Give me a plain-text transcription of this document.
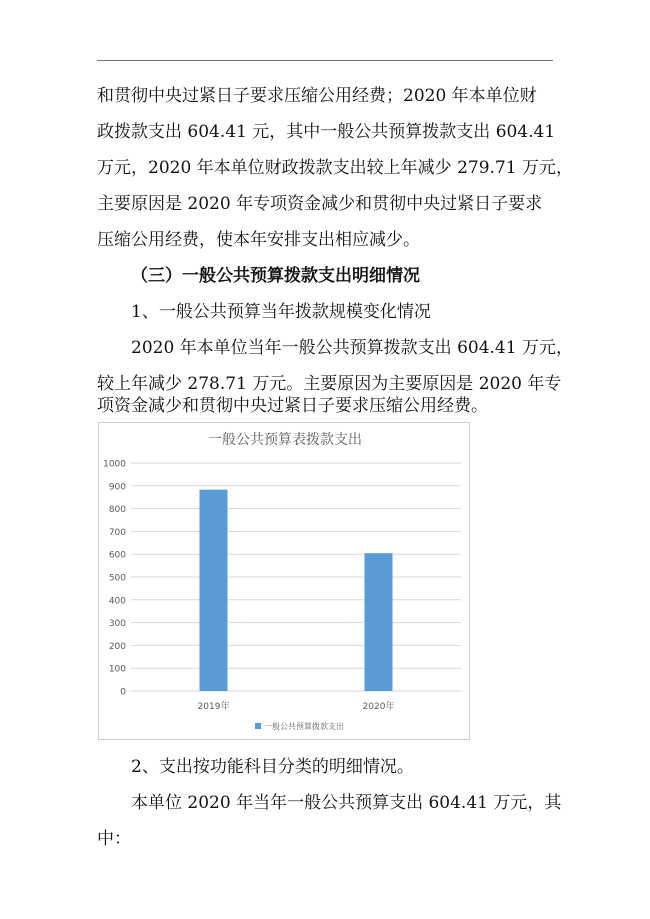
和贯彻中央过紧日子要求压缩公用经费；2020 年本单位财
政拨款支出 604.41 元，其中一般公共预算拨款支出 604.41
万元，2020 年本单位财政拨款支出较上年减少 279.71 万元，
主要原因是 2020 年专项资金减少和贯彻中央过紧日子要求
压缩公用经费，使本年安排支出相应减少。
（三）一般公共预算拨款支出明细情况
1、一般公共预算当年拨款规模变化情况
2020 年本单位当年一般公共预算拨款支出 604.41 万元，
较上年减少 278.71 万元。主要原因为主要原因是 2020 年专
项资金减少和贯彻中央过紧日子要求压缩公用经费。
一般公共预算表拨款支出
0
100
200
300
400
500
600
700
800
900
1000
2019年	2020年
一般公共预算拨款支出
2、支出按功能科目分类的明细情况。
本单位 2020 年当年一般公共预算支出 604.41 万元，其
中：
